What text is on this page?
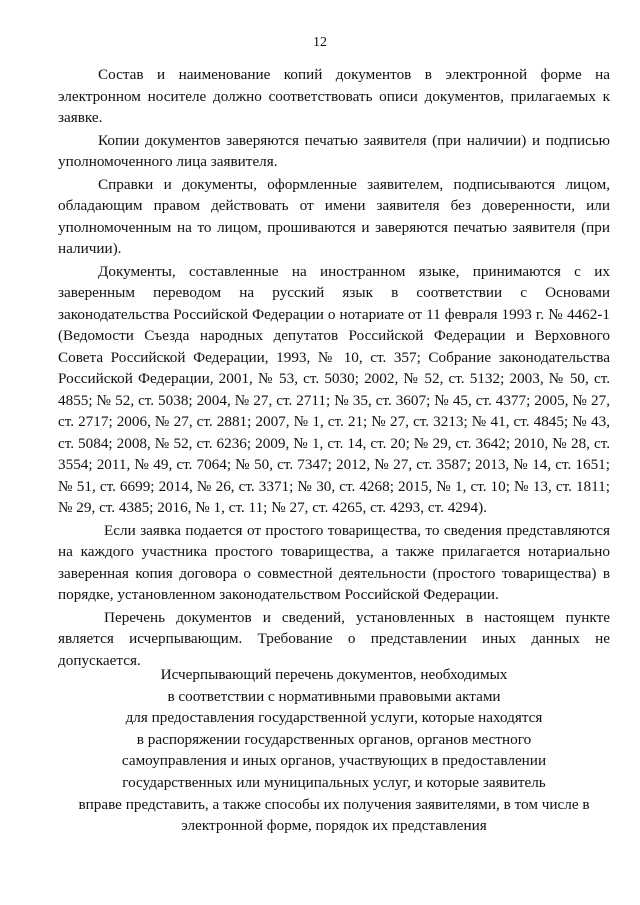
12

Состав и наименование копий документов в электронной форме на электронном носителе должно соответствовать описи документов, прилагаемых к заявке.

Копии документов заверяются печатью заявителя (при наличии) и подписью уполномоченного лица заявителя.

Справки и документы, оформленные заявителем, подписываются лицом, обладающим правом действовать от имени заявителя без доверенности, или уполномоченным на то лицом, прошиваются и заверяются печатью заявителя (при наличии).

Документы, составленные на иностранном языке, принимаются с их заверенным переводом на русский язык в соответствии с Основами законодательства Российской Федерации о нотариате от 11 февраля 1993 г. № 4462-1 (Ведомости Съезда народных депутатов Российской Федерации и Верховного Совета Российской Федерации, 1993, № 10, ст. 357; Собрание законодательства Российской Федерации, 2001, № 53, ст. 5030; 2002, № 52, ст. 5132; 2003, № 50, ст. 4855; № 52, ст. 5038; 2004, № 27, ст. 2711; № 35, ст. 3607; № 45, ст. 4377; 2005, № 27, ст. 2717; 2006, № 27, ст. 2881; 2007, № 1, ст. 21; № 27, ст. 3213; № 41, ст. 4845; № 43, ст. 5084; 2008, № 52, ст. 6236; 2009, № 1, ст. 14, ст. 20; № 29, ст. 3642; 2010, № 28, ст. 3554; 2011, № 49, ст. 7064; № 50, ст. 7347; 2012, № 27, ст. 3587; 2013, № 14, ст. 1651; № 51, ст. 6699; 2014, № 26, ст. 3371; № 30, ст. 4268; 2015, № 1, ст. 10; № 13, ст. 1811; № 29, ст. 4385; 2016, № 1, ст. 11; № 27, ст. 4265, ст. 4293, ст. 4294).

Если заявка подается от простого товарищества, то сведения представляются на каждого участника простого товарищества, а также прилагается нотариально заверенная копия договора о совместной деятельности (простого товарищества) в порядке, установленном законодательством Российской Федерации.

Перечень документов и сведений, установленных в настоящем пункте является исчерпывающим. Требование о представлении иных данных не допускается.

Исчерпывающий перечень документов, необходимых
в соответствии с нормативными правовыми актами
для предоставления государственной услуги, которые находятся
в распоряжении государственных органов, органов местного
самоуправления и иных органов, участвующих в предоставлении
государственных или муниципальных услуг, и которые заявитель
вправе представить, а также способы их получения заявителями, в том числе в
электронной форме, порядок их представления
